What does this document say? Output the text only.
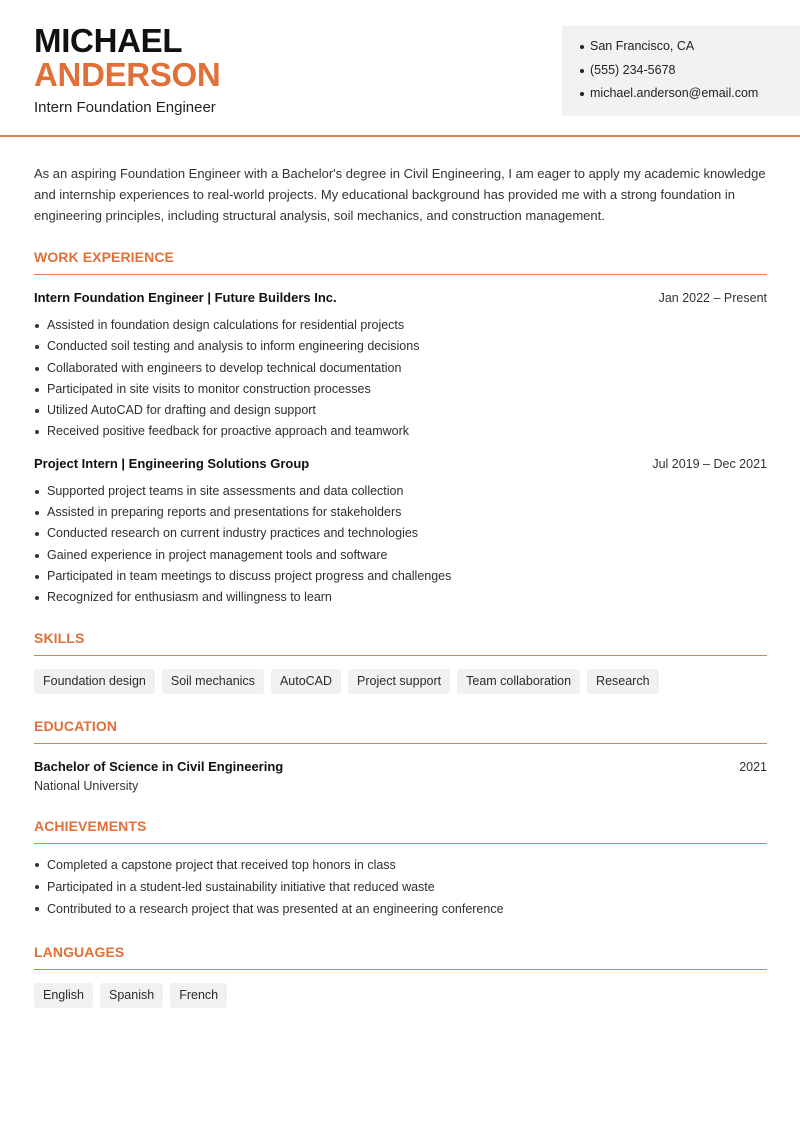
MICHAEL
ANDERSON
Intern Foundation Engineer
San Francisco, CA
(555) 234-5678
michael.anderson@email.com

As an aspiring Foundation Engineer with a Bachelor's degree in Civil Engineering, I am eager to apply my academic knowledge and internship experiences to real-world projects. My educational background has provided me with a strong foundation in engineering principles, including structural analysis, soil mechanics, and construction management.

WORK EXPERIENCE
Intern Foundation Engineer | Future Builders Inc.	Jan 2022 – Present
Assisted in foundation design calculations for residential projects
Conducted soil testing and analysis to inform engineering decisions
Collaborated with engineers to develop technical documentation
Participated in site visits to monitor construction processes
Utilized AutoCAD for drafting and design support
Received positive feedback for proactive approach and teamwork
Project Intern | Engineering Solutions Group	Jul 2019 – Dec 2021
Supported project teams in site assessments and data collection
Assisted in preparing reports and presentations for stakeholders
Conducted research on current industry practices and technologies
Gained experience in project management tools and software
Participated in team meetings to discuss project progress and challenges
Recognized for enthusiasm and willingness to learn
SKILLS
Foundation design	Soil mechanics	AutoCAD	Project support	Team collaboration	Research
EDUCATION
Bachelor of Science in Civil Engineering	2021
National University
ACHIEVEMENTS
Completed a capstone project that received top honors in class
Participated in a student-led sustainability initiative that reduced waste
Contributed to a research project that was presented at an engineering conference
LANGUAGES
English	Spanish	French
